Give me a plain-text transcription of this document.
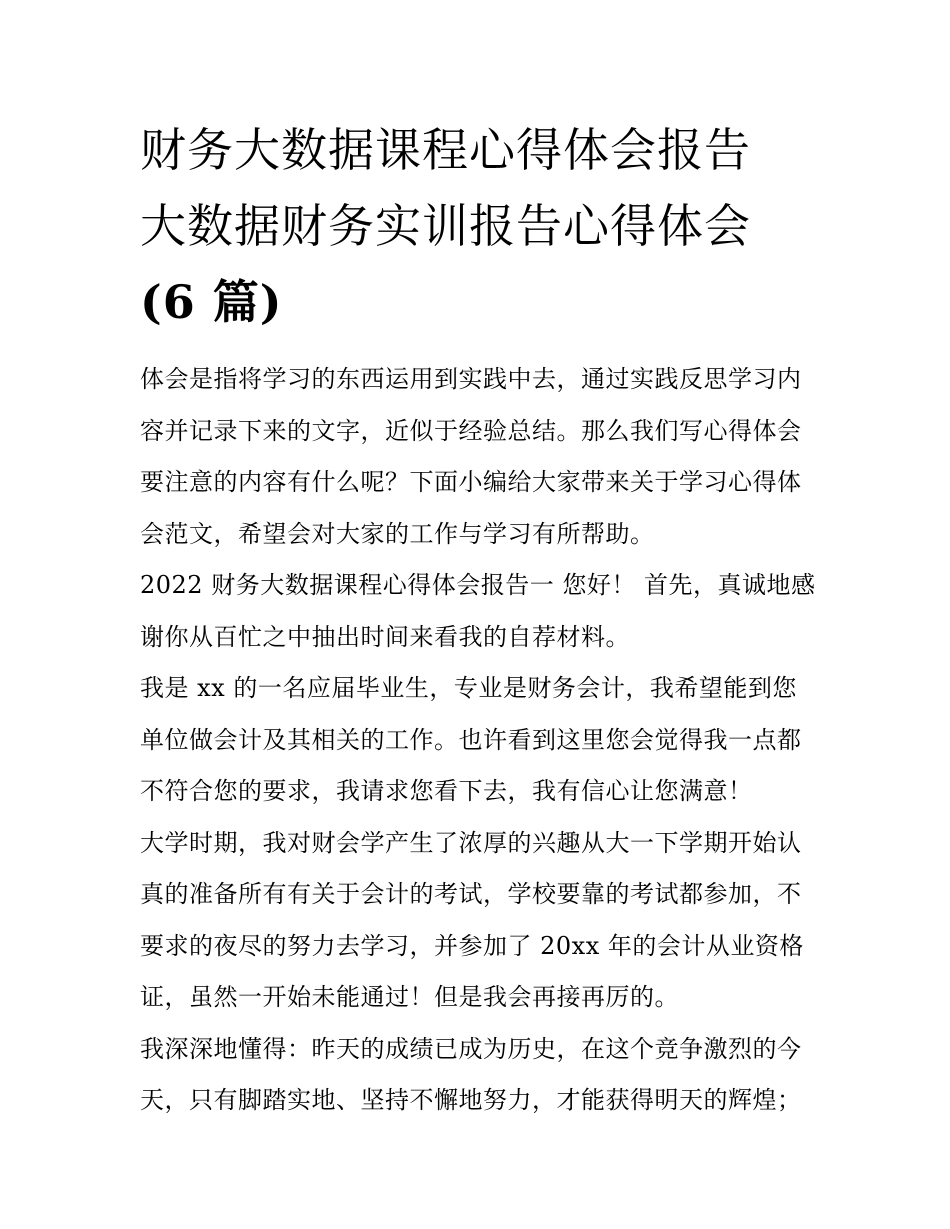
财务大数据课程心得体会报告
大数据财务实训报告心得体会
(6 篇)

体会是指将学习的东西运用到实践中去，通过实践反思学习内容并记录下来的文字，近似于经验总结。那么我们写心得体会要注意的内容有什么呢？下面小编给大家带来关于学习心得体会范文，希望会对大家的工作与学习有所帮助。

2022 财务大数据课程心得体会报告一 您好！ 首先，真诚地感谢你从百忙之中抽出时间来看我的自荐材料。

我是 xx 的一名应届毕业生，专业是财务会计，我希望能到您单位做会计及其相关的工作。也许看到这里您会觉得我一点都不符合您的要求，我请求您看下去，我有信心让您满意！

大学时期，我对财会学产生了浓厚的兴趣从大一下学期开始认真的准备所有有关于会计的考试，学校要靠的考试都参加，不要求的夜尽的努力去学习，并参加了 20xx 年的会计从业资格证，虽然一开始未能通过！但是我会再接再厉的。

我深深地懂得：昨天的成绩已成为历史，在这个竞争激烈的今天，只有脚踏实地、坚持不懈地努力，才能获得明天的辉煌；
